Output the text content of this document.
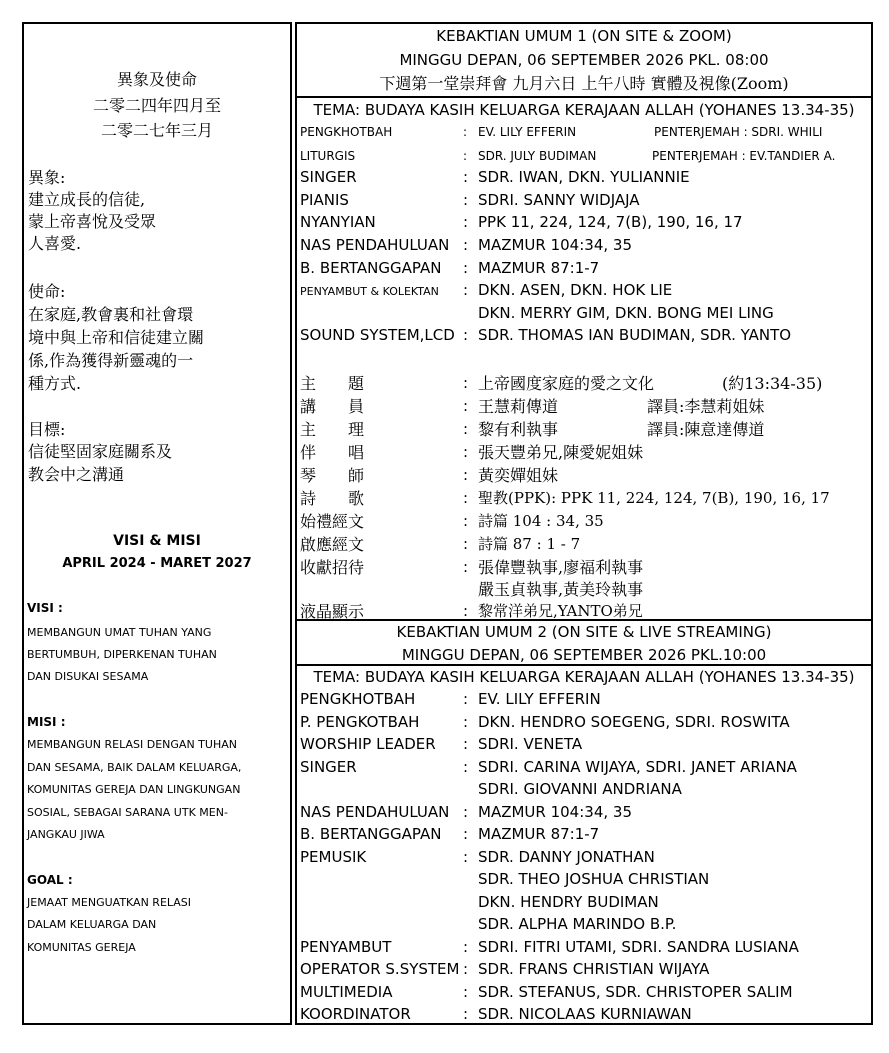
異象及使命
二零二四年四月至
二零二七年三月
異象:
建立成長的信徒,
蒙上帝喜悅及受眾
人喜愛.
使命:
在家庭,教會裏和社會環
境中與上帝和信徒建立關
係,作為獲得新靈魂的一
種方式.
目標:
信徒堅固家庭關系及
教会中之溝通
VISI & MISI
APRIL 2024 - MARET 2027
VISI :
MEMBANGUN UMAT TUHAN YANG
BERTUMBUH, DIPERKENAN TUHAN
DAN DISUKAI SESAMA
MISI :
MEMBANGUN RELASI DENGAN TUHAN
DAN SESAMA, BAIK DALAM KELUARGA,
KOMUNITAS GEREJA DAN LINGKUNGAN
SOSIAL, SEBAGAI SARANA UTK MEN-
JANGKAU JIWA
GOAL :
JEMAAT MENGUATKAN RELASI
DALAM KELUARGA DAN
KOMUNITAS GEREJA
KEBAKTIAN UMUM 1 (ON SITE & ZOOM)
MINGGU DEPAN, 06 SEPTEMBER 2026 PKL. 08:00
下週第一堂崇拜會 九月六日 上午八時 實體及視像(Zoom)
TEMA: BUDAYA KASIH KELUARGA KERAJAAN ALLAH (YOHANES 13.34-35)
PENGKHOTBAH	: EV. LILY EFFERIN	PENTERJEMAH : SDRI. WHILI
LITURGIS	: SDR. JULY BUDIMAN	PENTERJEMAH : EV.TANDIER A.
SINGER	: SDR. IWAN, DKN. YULIANNIE
PIANIS	: SDRI. SANNY WIDJAJA
NYANYIAN	: PPK 11, 224, 124, 7(B), 190, 16, 17
NAS PENDAHULUAN : MAZMUR 104:34, 35
B. BERTANGGAPAN : MAZMUR 87:1-7
PENYAMBUT & KOLEKTAN : DKN. ASEN, DKN. HOK LIE
DKN. MERRY GIM, DKN. BONG MEI LING
SOUND SYSTEM,LCD : SDR. THOMAS IAN BUDIMAN, SDR. YANTO
主　　題	: 上帝國度家庭的愛之文化	(約13:34-35)
講　　員	: 王慧莉傳道	譯員:李慧莉姐妹
主　　理	: 黎有利執事	譯員:陳意達傳道
伴　　唱	: 張天豐弟兄,陳愛妮姐妹
琴　　師	: 黃奕嬋姐妹
詩　　歌	: 聖教(PPK): PPK 11, 224, 124, 7(B), 190, 16, 17
始禮經文	: 詩篇 104 : 34, 35
啟應經文	: 詩篇 87 : 1 - 7
收獻招待	: 張偉豐執事,廖福利執事
嚴玉貞執事,黃美玲執事
液晶顯示	: 黎常洋弟兄,YANTO弟兄
KEBAKTIAN UMUM 2 (ON SITE & LIVE STREAMING)
MINGGU DEPAN, 06 SEPTEMBER 2026 PKL.10:00
TEMA: BUDAYA KASIH KELUARGA KERAJAAN ALLAH (YOHANES 13.34-35)
PENGKHOTBAH	: EV. LILY EFFERIN
P. PENGKOTBAH	: DKN. HENDRO SOEGENG, SDRI. ROSWITA
WORSHIP LEADER : SDRI. VENETA
SINGER	: SDRI. CARINA WIJAYA, SDRI. JANET ARIANA
SDRI. GIOVANNI ANDRIANA
NAS PENDAHULUAN : MAZMUR 104:34, 35
B. BERTANGGAPAN : MAZMUR 87:1-7
PEMUSIK	: SDR. DANNY JONATHAN
SDR. THEO JOSHUA CHRISTIAN
DKN. HENDRY BUDIMAN
SDR. ALPHA MARINDO B.P.
PENYAMBUT	: SDRI. FITRI UTAMI, SDRI. SANDRA LUSIANA
OPERATOR S.SYSTEM : SDR. FRANS CHRISTIAN WIJAYA
MULTIMEDIA	: SDR. STEFANUS, SDR. CHRISTOPER SALIM
KOORDINATOR	: SDR. NICOLAAS KURNIAWAN
